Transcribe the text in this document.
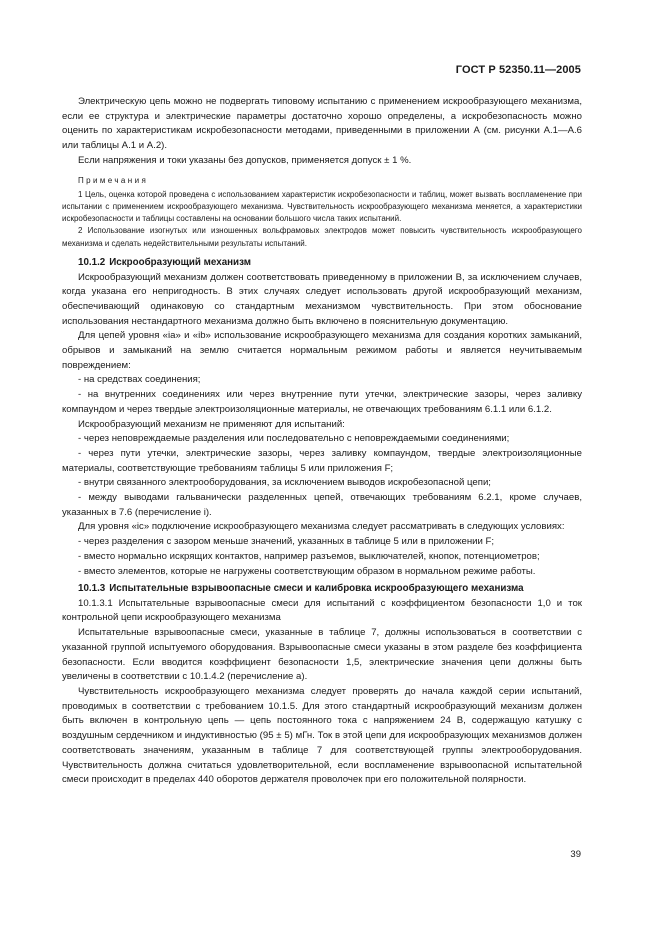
ГОСТ Р 52350.11—2005

Электрическую цепь можно не подвергать типовому испытанию с применением искрообразующего механизма, если ее структура и электрические параметры достаточно хорошо определены, а искробезопасность можно оценить по характеристикам искробезопасности методами, приведенными в приложении А (см. рисунки А.1—А.6 или таблицы А.1 и А.2).

Если напряжения и токи указаны без допусков, применяется допуск ± 1 %.

Примечания

1 Цель, оценка которой проведена с использованием характеристик искробезопасности и таблиц, может вызвать воспламенение при испытании с применением искрообразующего механизма. Чувствительность искрообразующего механизма меняется, а характеристики искробезопасности и таблицы составлены на основании большого числа таких испытаний.

2 Использование изогнутых или изношенных вольфрамовых электродов может повысить чувствительность искрообразующего механизма и сделать недействительными результаты испытаний.

10.1.2 Искрообразующий механизм

Искрообразующий механизм должен соответствовать приведенному в приложении В, за исключением случаев, когда указана его непригодность. В этих случаях следует использовать другой искрообразующий механизм, обеспечивающий одинаковую со стандартным механизмом чувствительность. При этом обоснование использования нестандартного механизма должно быть включено в пояснительную документацию.

Для цепей уровня «ia» и «ib» использование искрообразующего механизма для создания коротких замыканий, обрывов и замыканий на землю считается нормальным режимом работы и является неучитываемым повреждением:

- на средствах соединения;

- на внутренних соединениях или через внутренние пути утечки, электрические зазоры, через заливку компаундом и через твердые электроизоляционные материалы, не отвечающих требованиям 6.1.1 или 6.1.2.

Искрообразующий механизм не применяют для испытаний:

- через неповреждаемые разделения или последовательно с неповреждаемыми соединениями;

- через пути утечки, электрические зазоры, через заливку компаундом, твердые электроизоляционные материалы, соответствующие требованиям таблицы 5 или приложения F;

- внутри связанного электрооборудования, за исключением выводов искробезопасной цепи;

- между выводами гальванически разделенных цепей, отвечающих требованиям 6.2.1, кроме случаев, указанных в 7.6 (перечисление i).

Для уровня «ic» подключение искрообразующего механизма следует рассматривать в следующих условиях:

- через разделения с зазором меньше значений, указанных в таблице 5 или в приложении F;

- вместо нормально искрящих контактов, например разъемов, выключателей, кнопок, потенциометров;

- вместо элементов, которые не нагружены соответствующим образом в нормальном режиме работы.

10.1.3 Испытательные взрывоопасные смеси и калибровка искрообразующего механизма

10.1.3.1 Испытательные взрывоопасные смеси для испытаний с коэффициентом безопасности 1,0 и ток контрольной цепи искрообразующего механизма

Испытательные взрывоопасные смеси, указанные в таблице 7, должны использоваться в соответствии с указанной группой испытуемого оборудования. Взрывоопасные смеси указаны в этом разделе без коэффициента безопасности. Если вводится коэффициент безопасности 1,5, электрические значения цепи должны быть увеличены в соответствии с 10.1.4.2 (перечисление а).

Чувствительность искрообразующего механизма следует проверять до начала каждой серии испытаний, проводимых в соответствии с требованием 10.1.5. Для этого стандартный искрообразующий механизм должен быть включен в контрольную цепь — цепь постоянного тока с напряжением 24 В, содержащую катушку с воздушным сердечником и индуктивностью (95 ± 5) мГн. Ток в этой цепи для искрообразующих механизмов должен соответствовать значениям, указанным в таблице 7 для соответствующей группы электрооборудования. Чувствительность должна считаться удовлетворительной, если воспламенение взрывоопасной испытательной смеси происходит в пределах 440 оборотов держателя проволочек при его положительной полярности.

39
